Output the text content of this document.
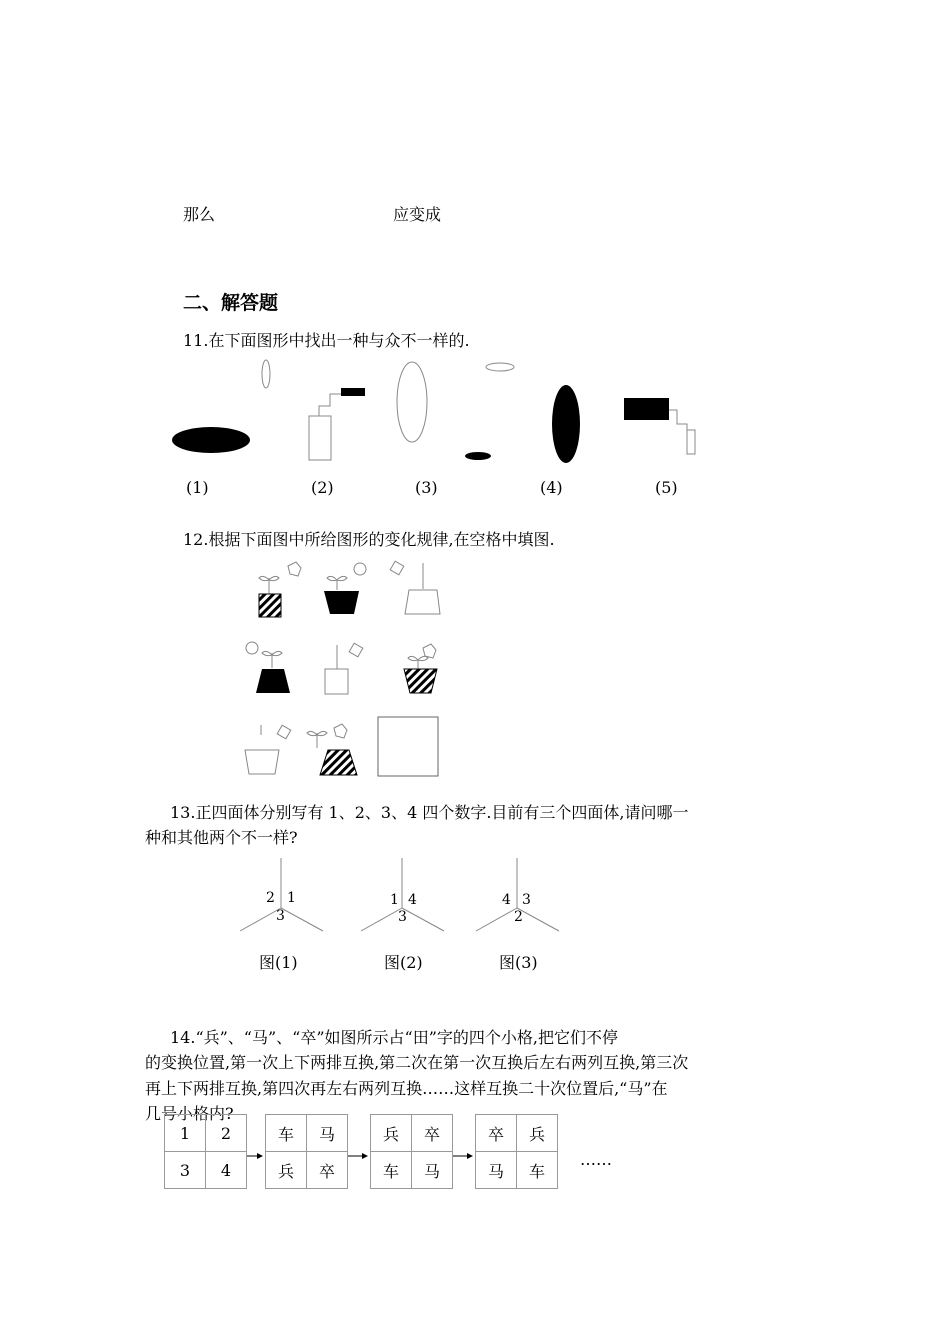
那么	应变成
二、解答题
11.在下面图形中找出一种与众不一样的.
(1)	(2)	(3)	(4)	(5)
12.根据下面图中所给图形的变化规律,在空格中填图.
13.正四面体分别写有 1、2、3、4 四个数字.目前有三个四面体,请问哪一
种和其他两个不一样?
2 1
3
1 4
3
4 3
2
图(1)	图(2)	图(3)
14.“兵”、“马”、“卒”如图所示占“田”字的四个小格,把它们不停
的变换位置,第一次上下两排互换,第二次在第一次互换后左右两列互换,第三次
再上下两排互换,第四次再左右两列互换……这样互换二十次位置后,“马”在
几号小格内?
1	2
3	4
车	马
兵	卒
兵	卒
车	马
卒	兵
马	车
……
